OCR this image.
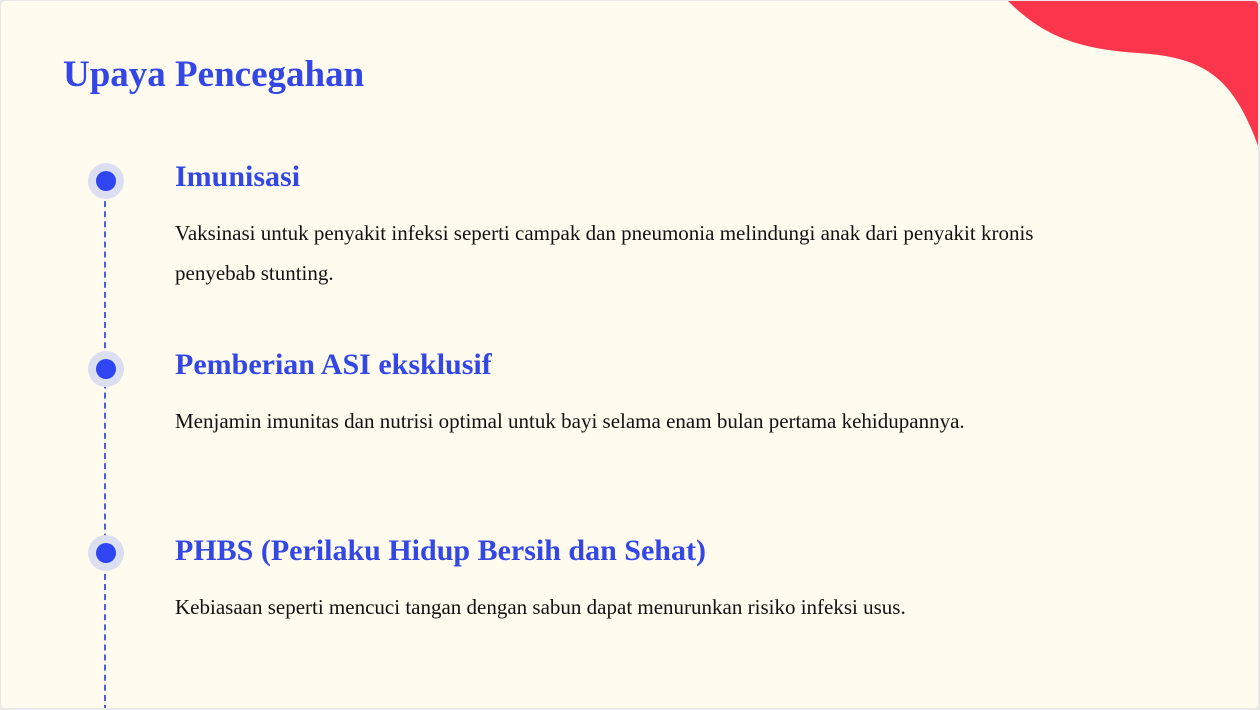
Upaya Pencegahan
Imunisasi

Vaksinasi untuk penyakit infeksi seperti campak dan pneumonia melindungi anak dari penyakit kronis penyebab stunting.

Pemberian ASI eksklusif

Menjamin imunitas dan nutrisi optimal untuk bayi selama enam bulan pertama kehidupannya.

PHBS (Perilaku Hidup Bersih dan Sehat)

Kebiasaan seperti mencuci tangan dengan sabun dapat menurunkan risiko infeksi usus.
